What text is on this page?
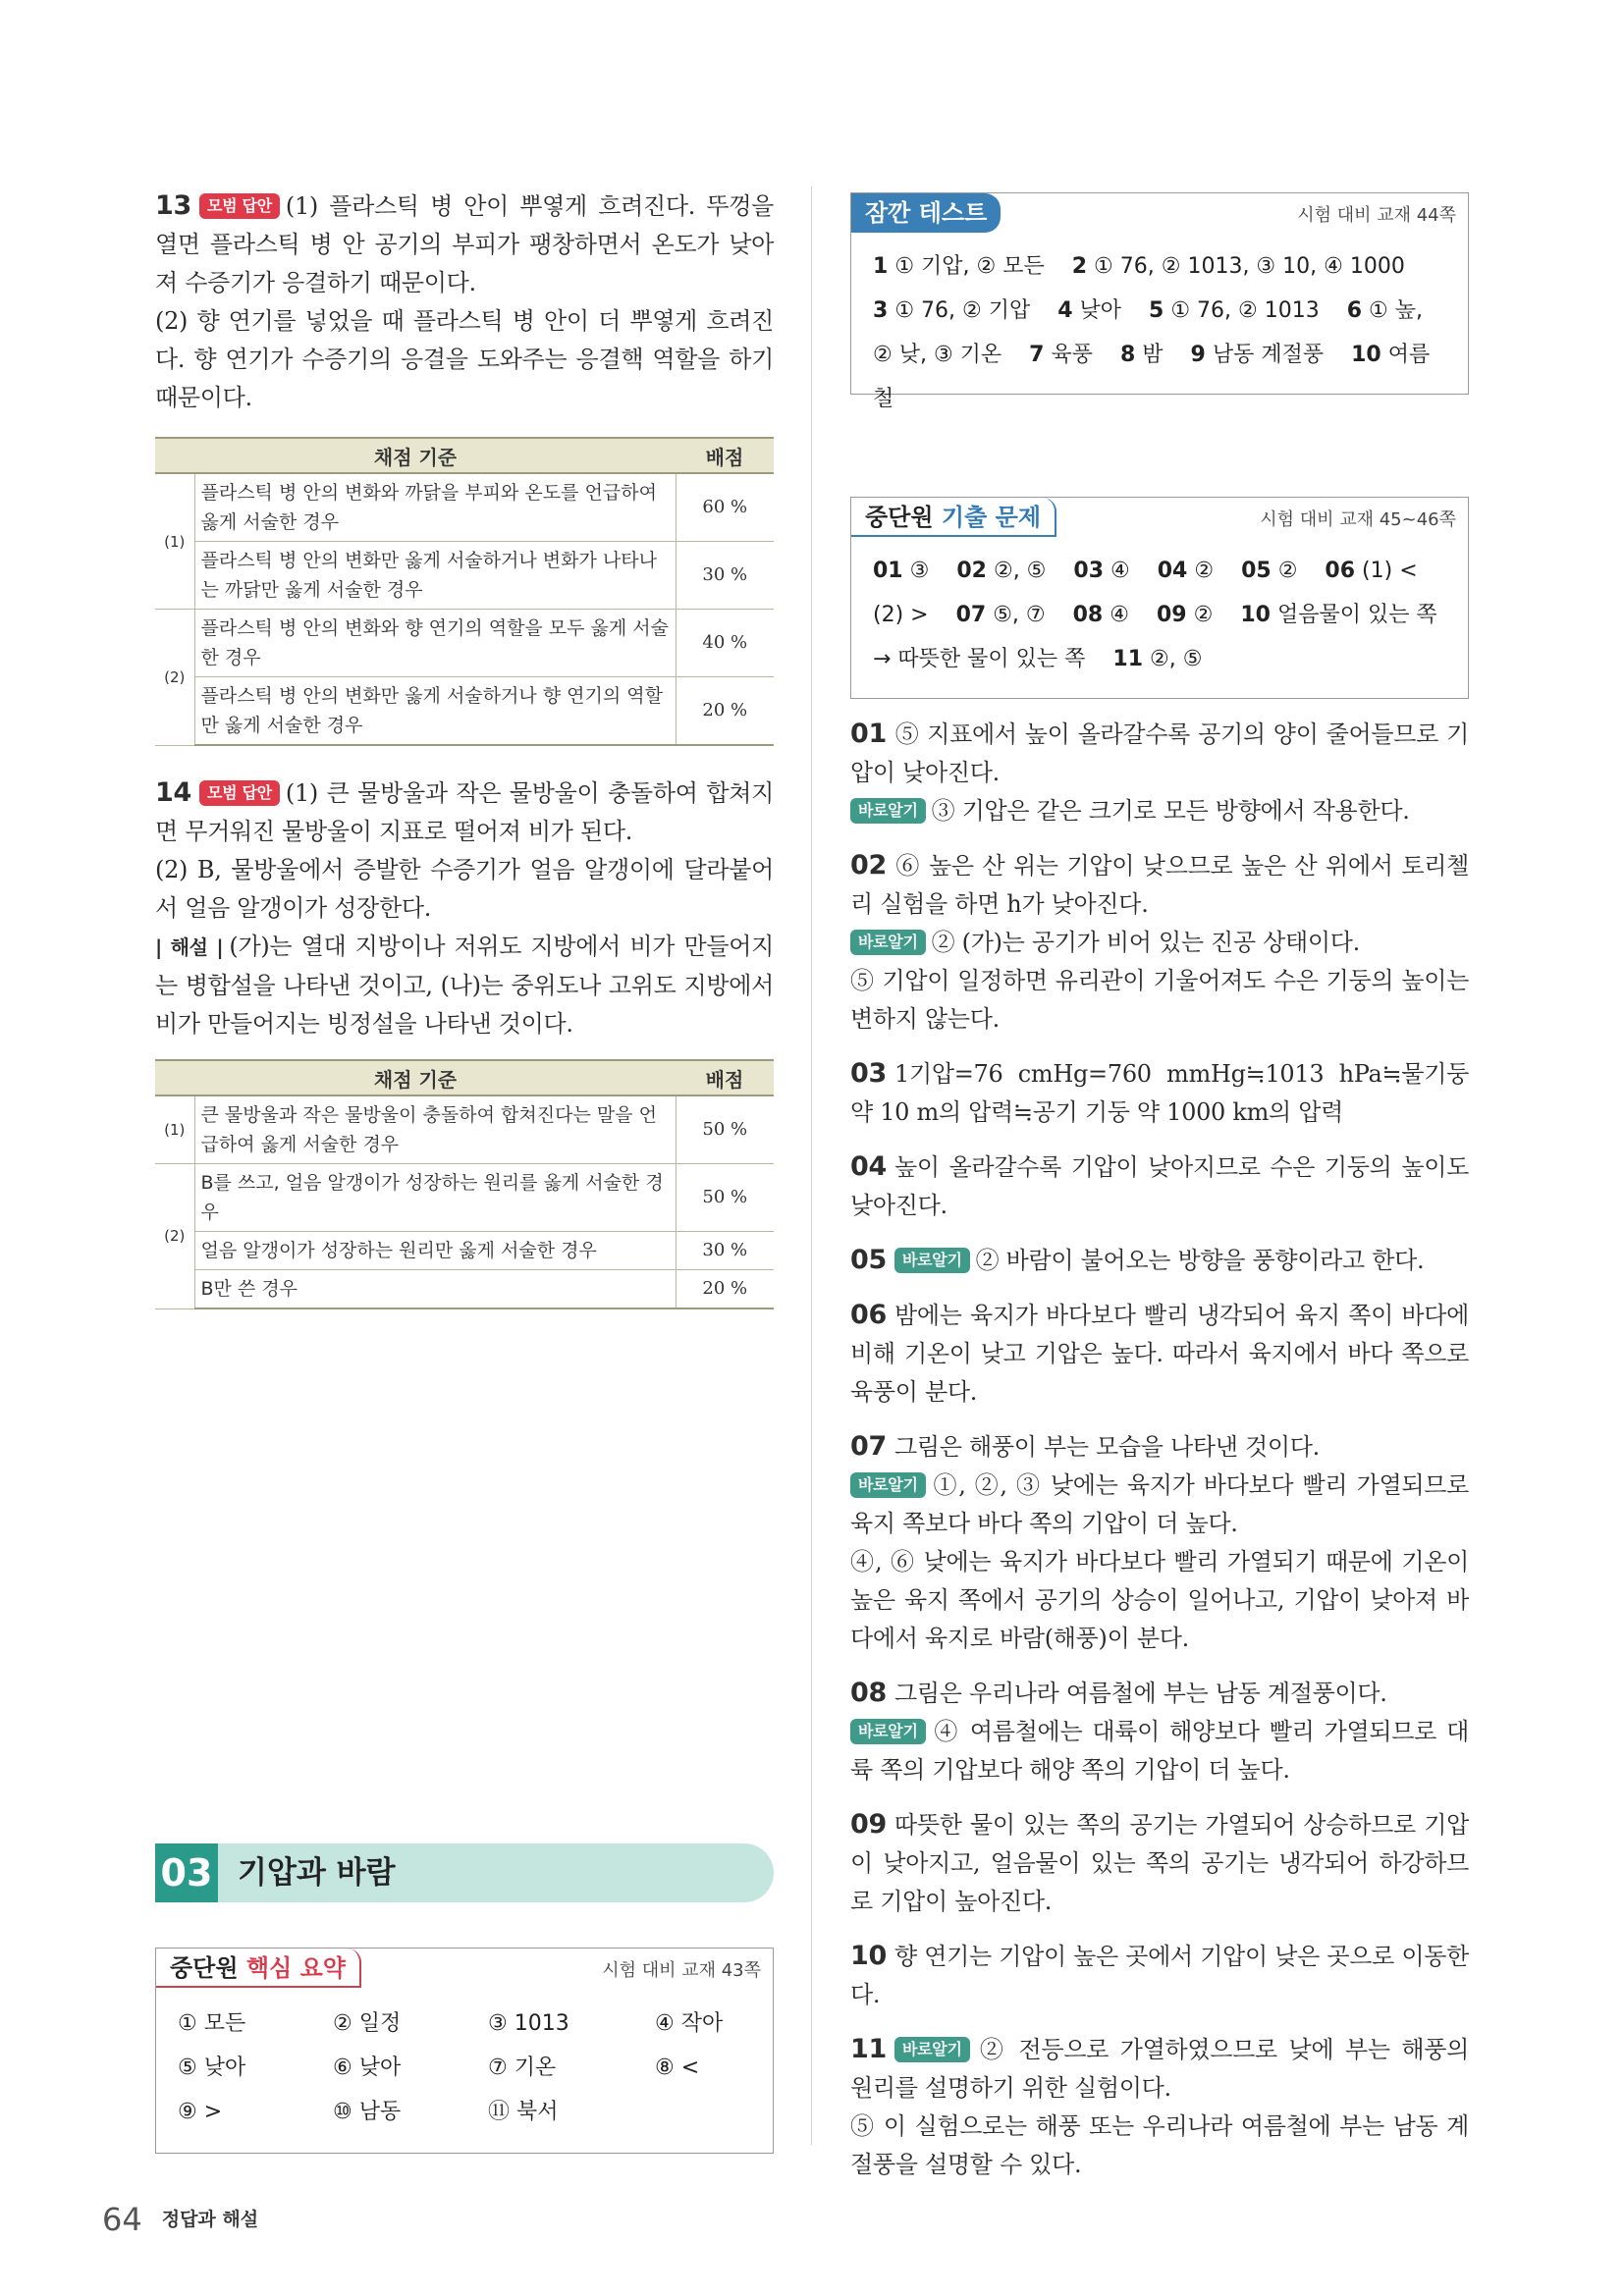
13 모범 답안 (1) 플라스틱 병 안이 뿌옇게 흐려진다. 뚜껑을 열면 플라스틱 병 안 공기의 부피가 팽창하면서 온도가 낮아져 수증기가 응결하기 때문이다.
(2) 향 연기를 넣었을 때 플라스틱 병 안이 더 뿌옇게 흐려진다. 향 연기가 수증기의 응결을 도와주는 응결핵 역할을 하기 때문이다.
채점 기준		배점
(1)	플라스틱 병 안의 변화와 까닭을 부피와 온도를 언급하여 옳게 서술한 경우	60 %
	플라스틱 병 안의 변화만 옳게 서술하거나 변화가 나타나는 까닭만 옳게 서술한 경우	30 %
(2)	플라스틱 병 안의 변화와 향 연기의 역할을 모두 옳게 서술한 경우	40 %
	플라스틱 병 안의 변화만 옳게 서술하거나 향 연기의 역할만 옳게 서술한 경우	20 %
14 모범 답안 (1) 큰 물방울과 작은 물방울이 충돌하여 합쳐지면 무거워진 물방울이 지표로 떨어져 비가 된다.
(2) B, 물방울에서 증발한 수증기가 얼음 알갱이에 달라붙어서 얼음 알갱이가 성장한다.
| 해설 | (가)는 열대 지방이나 저위도 지방에서 비가 만들어지는 병합설을 나타낸 것이고, (나)는 중위도나 고위도 지방에서 비가 만들어지는 빙정설을 나타낸 것이다.
채점 기준		배점
(1)	큰 물방울과 작은 물방울이 충돌하여 합쳐진다는 말을 언급하여 옳게 서술한 경우	50 %
(2)	B를 쓰고, 얼음 알갱이가 성장하는 원리를 옳게 서술한 경우	50 %
	얼음 알갱이가 성장하는 원리만 옳게 서술한 경우	30 %
	B만 쓴 경우	20 %
03 기압과 바람
중단원 핵심 요약	시험 대비 교재 43쪽
① 모든	② 일정	③ 1013	④ 작아
⑤ 낮아	⑥ 낮아	⑦ 기온	⑧ <
⑨ >	⑩ 남동	⑪ 북서
잠깐 테스트	시험 대비 교재 44쪽
1 ① 기압, ② 모든 2 ① 76, ② 1013, ③ 10, ④ 1000
3 ① 76, ② 기압 4 낮아 5 ① 76, ② 1013 6 ① 높,
② 낮, ③ 기온 7 육풍 8 밤 9 남동 계절풍 10 여름철
중단원 기출 문제	시험 대비 교재 45~46쪽
01 ③ 02 ②, ⑤ 03 ④ 04 ② 05 ② 06 (1) <
(2) > 07 ⑤, ⑦ 08 ④ 09 ② 10 얼음물이 있는 쪽
→ 따뜻한 물이 있는 쪽 11 ②, ⑤
01 ⑤ 지표에서 높이 올라갈수록 공기의 양이 줄어들므로 기압이 낮아진다.
바로알기 ③ 기압은 같은 크기로 모든 방향에서 작용한다.
02 ⑥ 높은 산 위는 기압이 낮으므로 높은 산 위에서 토리첼리 실험을 하면 h가 낮아진다.
바로알기 ② (가)는 공기가 비어 있는 진공 상태이다.
⑤ 기압이 일정하면 유리관이 기울어져도 수은 기둥의 높이는 변하지 않는다.
03 1기압=76 cmHg=760 mmHg≒1013 hPa≒물기둥 약 10 m의 압력≒공기 기둥 약 1000 km의 압력
04 높이 올라갈수록 기압이 낮아지므로 수은 기둥의 높이도 낮아진다.
05 바로알기 ② 바람이 불어오는 방향을 풍향이라고 한다.
06 밤에는 육지가 바다보다 빨리 냉각되어 육지 쪽이 바다에 비해 기온이 낮고 기압은 높다. 따라서 육지에서 바다 쪽으로 육풍이 분다.
07 그림은 해풍이 부는 모습을 나타낸 것이다.
바로알기 ①, ②, ③ 낮에는 육지가 바다보다 빨리 가열되므로 육지 쪽보다 바다 쪽의 기압이 더 높다.
④, ⑥ 낮에는 육지가 바다보다 빨리 가열되기 때문에 기온이 높은 육지 쪽에서 공기의 상승이 일어나고, 기압이 낮아져 바다에서 육지로 바람(해풍)이 분다.
08 그림은 우리나라 여름철에 부는 남동 계절풍이다.
바로알기 ④ 여름철에는 대륙이 해양보다 빨리 가열되므로 대륙 쪽의 기압보다 해양 쪽의 기압이 더 높다.
09 따뜻한 물이 있는 쪽의 공기는 가열되어 상승하므로 기압이 낮아지고, 얼음물이 있는 쪽의 공기는 냉각되어 하강하므로 기압이 높아진다.
10 향 연기는 기압이 높은 곳에서 기압이 낮은 곳으로 이동한다.
11 바로알기 ② 전등으로 가열하였으므로 낮에 부는 해풍의 원리를 설명하기 위한 실험이다.
⑤ 이 실험으로는 해풍 또는 우리나라 여름철에 부는 남동 계절풍을 설명할 수 있다.
64 정답과 해설
